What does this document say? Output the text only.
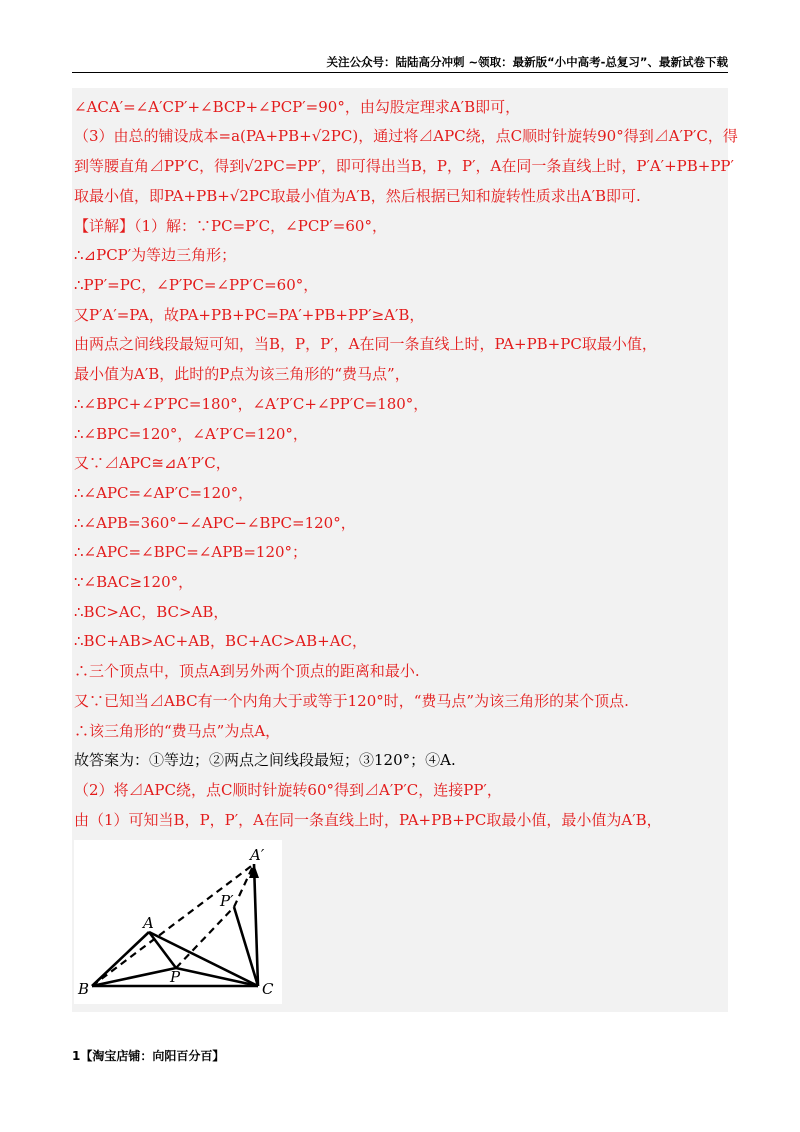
关注公众号：陆陆高分冲刺 ~领取：最新版“小中高考-总复习”、最新试卷下载
∠ACA′=∠A′CP′+∠BCP+∠PCP′=90°，由勾股定理求A′B即可，
（3）由总的铺设成本=a(PA+PB+√2PC)，通过将⊿APC绕，点C顺时针旋转90°得到⊿A′P′C，得
到等腰直角⊿PP′C，得到√2PC=PP′，即可得出当B，P，P′，A在同一条直线上时，P′A′+PB+PP′
取最小值，即PA+PB+√2PC取最小值为A′B，然后根据已知和旋转性质求出A′B即可.
【详解】（1）解：∵PC=P′C，∠PCP′=60°，
∴⊿PCP′为等边三角形；
∴PP′=PC，∠P′PC=∠PP′C=60°，
又P′A′=PA，故PA+PB+PC=PA′+PB+PP′≥A′B，
由两点之间线段最短可知，当B，P，P′，A在同一条直线上时，PA+PB+PC取最小值，
最小值为A′B，此时的P点为该三角形的“费马点”，
∴∠BPC+∠P′PC=180°，∠A′P′C+∠PP′C=180°，
∴∠BPC=120°，∠A′P′C=120°，
又∵⊿APC≅⊿A′P′C，
∴∠APC=∠AP′C=120°，
∴∠APB=360°−∠APC−∠BPC=120°，
∴∠APC=∠BPC=∠APB=120°；
∵∠BAC≥120°，
∴BC>AC，BC>AB，
∴BC+AB>AC+AB，BC+AC>AB+AC，
∴三个顶点中，顶点A到另外两个顶点的距离和最小.
又∵已知当⊿ABC有一个内角大于或等于120°时，“费马点”为该三角形的某个顶点.
∴该三角形的“费马点”为点A，
故答案为：①等边；②两点之间线段最短；③120°；④A.
（2）将⊿APC绕，点C顺时针旋转60°得到⊿A′P′C，连接PP′，
由（1）可知当B，P，P′，A在同一条直线上时，PA+PB+PC取最小值，最小值为A′B，
A
A′
P
P′
B	C
1【淘宝店铺：向阳百分百】
